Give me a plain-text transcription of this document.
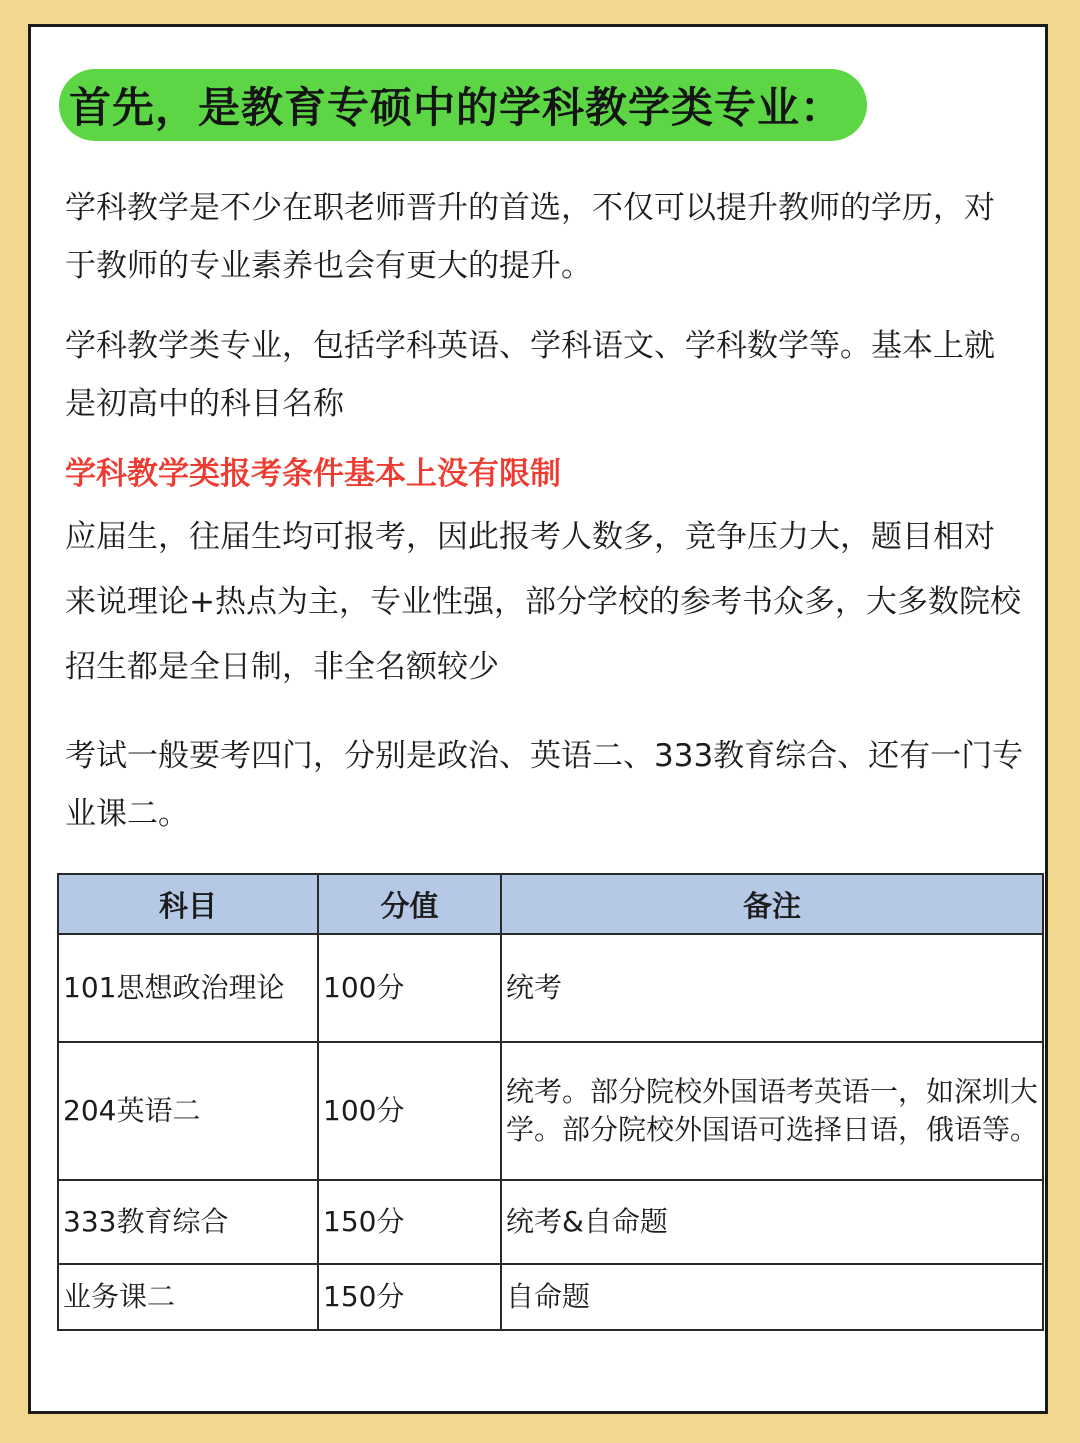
首先，是教育专硕中的学科教学类专业：

学科教学是不少在职老师晋升的首选，不仅可以提升教师的学历，对于教师的专业素养也会有更大的提升。

学科教学类专业，包括学科英语、学科语文、学科数学等。基本上就是初高中的科目名称

学科教学类报考条件基本上没有限制

应届生，往届生均可报考，因此报考人数多，竞争压力大，题目相对来说理论+热点为主，专业性强，部分学校的参考书众多，大多数院校招生都是全日制，非全名额较少

考试一般要考四门，分别是政治、英语二、333教育综合、还有一门专业课二。

科目	分值	备注
101思想政治理论	100分	统考
204英语二	100分	统考。部分院校外国语考英语一，如深圳大学。部分院校外国语可选择日语，俄语等。
333教育综合	150分	统考&自命题
业务课二	150分	自命题
